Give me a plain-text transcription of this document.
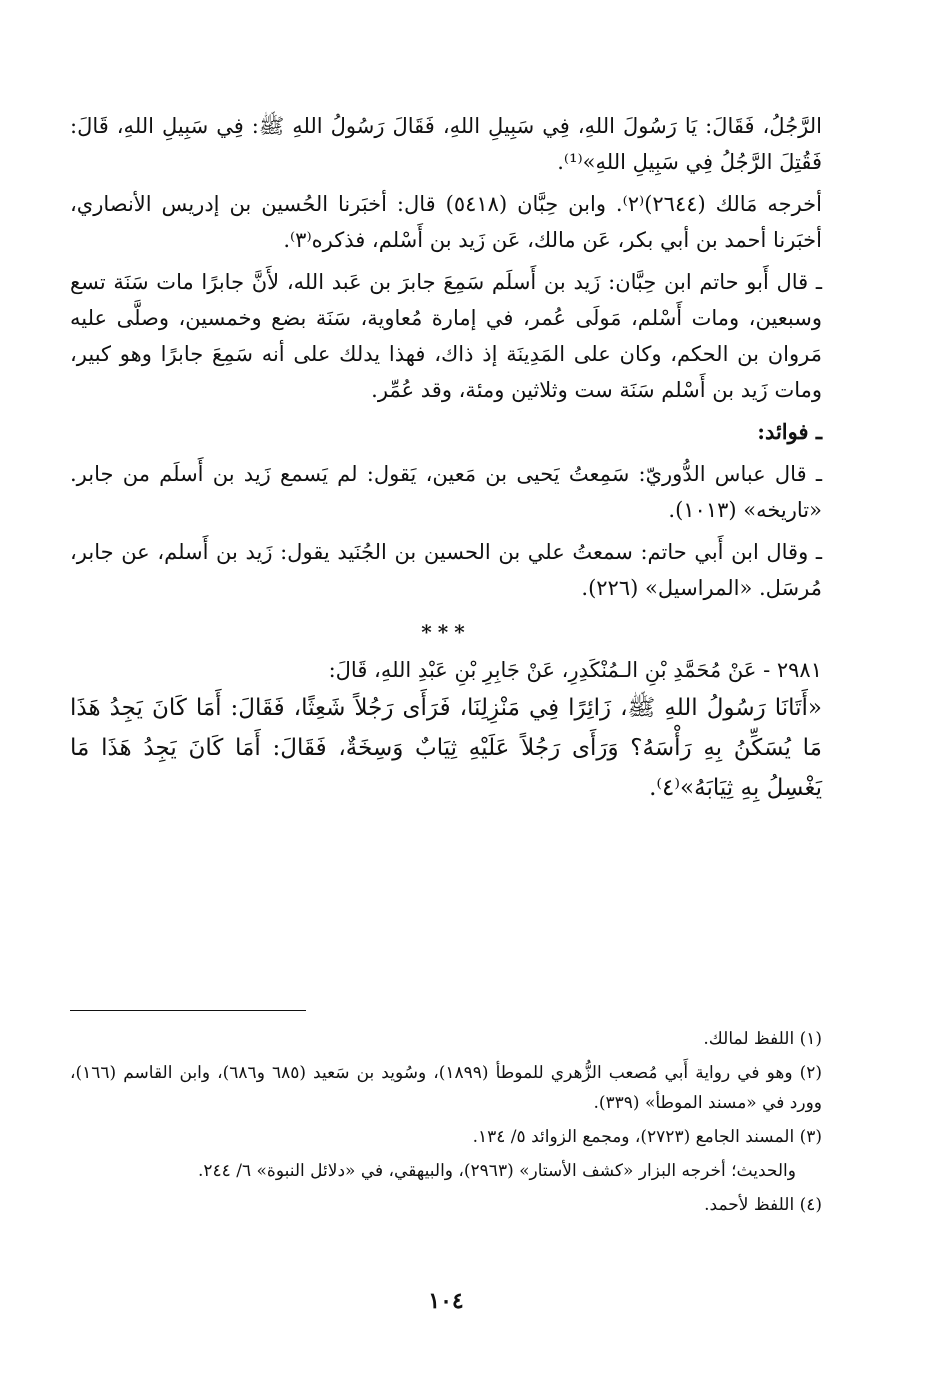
الرَّجُلُ، فَقَالَ: يَا رَسُولَ اللهِ، فِي سَبِيلِ اللهِ، فَقَالَ رَسُولُ اللهِ ﷺ: فِي سَبِيلِ اللهِ، قَالَ: فَقُتِلَ الرَّجُلُ فِي سَبِيلِ اللهِ»⁽¹⁾.

أخرجه مَالك (٢٦٤٤)⁽٢⁾. وابن حِبَّان (٥٤١٨) قال: أخبَرنا الحُسين بن إدريس الأنصاري، أخبَرنا أحمد بن أبي بكر، عَن مالك، عَن زَيد بن أَسْلم، فذكره⁽٣⁾.

ـ قال أَبو حاتم ابن حِبَّان: زَيد بن أَسلَم سَمِعَ جابرَ بن عَبد الله، لأَنَّ جابرًا مات سَنَة تسع وسبعين، ومات أَسْلم، مَولَى عُمر، في إمارة مُعاوية، سَنَة بضع وخمسين، وصلَّى عليه مَروان بن الحكم، وكان على المَدِينَة إذ ذاك، فهذا يدلك على أنه سَمِعَ جابرًا وهو كبير، ومات زَيد بن أَسْلم سَنَة ست وثلاثين ومئة، وقد عُمِّر.

ـ فوائد:

ـ قال عباس الدُّوريّ: سَمِعتُ يَحيى بن مَعين، يَقول: لم يَسمع زَيد بن أَسلَم من جابر. «تاريخه» (١٠١٣).

ـ وقال ابن أَبي حاتم: سمعتُ علي بن الحسين بن الجُنَيد يقول: زَيد بن أَسلم، عن جابر، مُرسَل. «المراسيل» (٢٢٦).

***

٢٩٨١ - عَنْ مُحَمَّدِ بْنِ الـمُنْكَدِرِ، عَنْ جَابِرِ بْنِ عَبْدِ اللهِ، قَالَ:

«أَتَانَا رَسُولُ اللهِ ﷺ، زَائِرًا فِي مَنْزِلِنَا، فَرَأَى رَجُلاً شَعِثًا، فَقَالَ: أَمَا كَانَ يَجِدُ هَذَا مَا يُسَكِّنُ بِهِ رَأْسَهُ؟ وَرَأَى رَجُلاً عَلَيْهِ ثِيَابٌ وَسِخَةٌ، فَقَالَ: أَمَا كَانَ يَجِدُ هَذَا مَا يَغْسِلُ بِهِ ثِيَابَهُ»⁽٤⁾.

(١) اللفظ لمالك.

(٢) وهو في رواية أَبي مُصعب الزُّهري للموطأ (١٨٩٩)، وسُويد بن سَعيد (٦٨٥ و٦٨٦)، وابن القاسم (١٦٦)، وورد في «مسند الموطأ» (٣٣٩).

(٣) المسند الجامع (٢٧٢٣)، ومجمع الزوائد ٥/ ١٣٤.

والحديث؛ أخرجه البزار «كشف الأستار» (٢٩٦٣)، والبيهقي، في «دلائل النبوة» ٦/ ٢٤٤.

(٤) اللفظ لأحمد.

١٠٤
